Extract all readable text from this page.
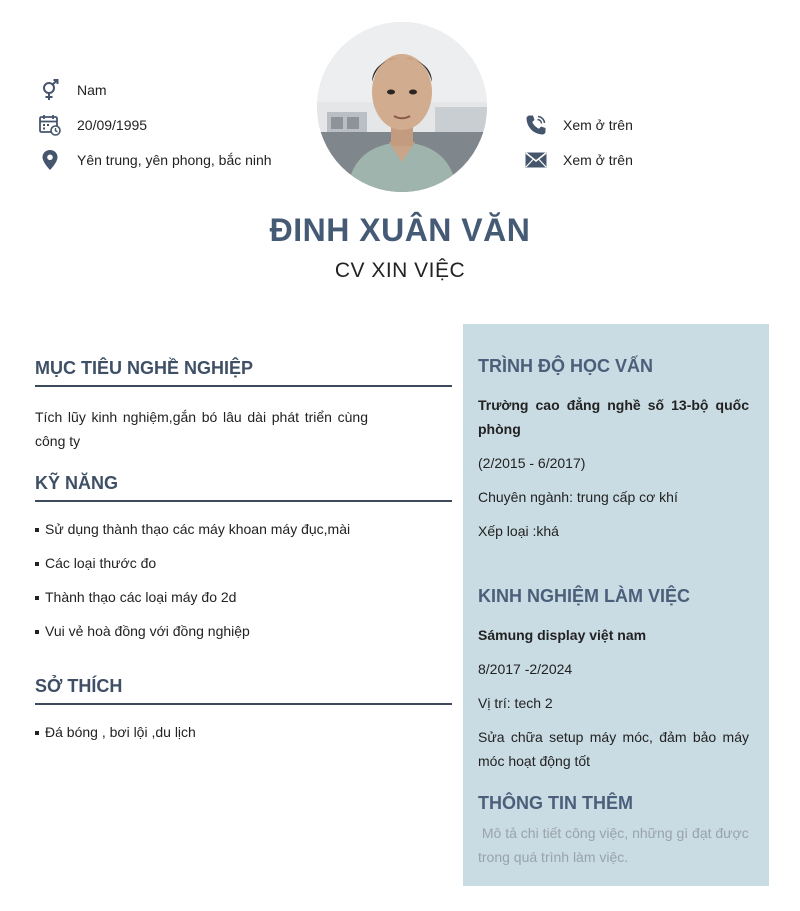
Nam
20/09/1995
Yên trung, yên phong, bắc ninh
Xem ở trên
Xem ở trên
ĐINH XUÂN VĂN
CV XIN VIỆC
MỤC TIÊU NGHỀ NGHIỆP
Tích lũy kinh nghiệm,gắn bó lâu dài phát triển cùng công ty
KỸ NĂNG
Sử dụng thành thạo các máy khoan máy đục,mài
Các loại thước đo
Thành thạo các loại máy đo 2d
Vui vẻ hoà đồng với đồng nghiệp
SỞ THÍCH
Đá bóng , bơi lội ,du lịch
TRÌNH ĐỘ HỌC VẤN
Trường cao đẳng nghề số 13-bộ quốc phòng
(2/2015 - 6/2017)
Chuyên ngành: trung cấp cơ khí
Xếp loại :khá
KINH NGHIỆM LÀM VIỆC
Sámung display việt nam
8/2017 -2/2024
Vị trí: tech 2
Sửa chữa setup máy móc, đảm bảo máy móc hoạt động tốt
THÔNG TIN THÊM
Mô tả chi tiết công việc, những gì đạt được trong quá trình làm việc.
